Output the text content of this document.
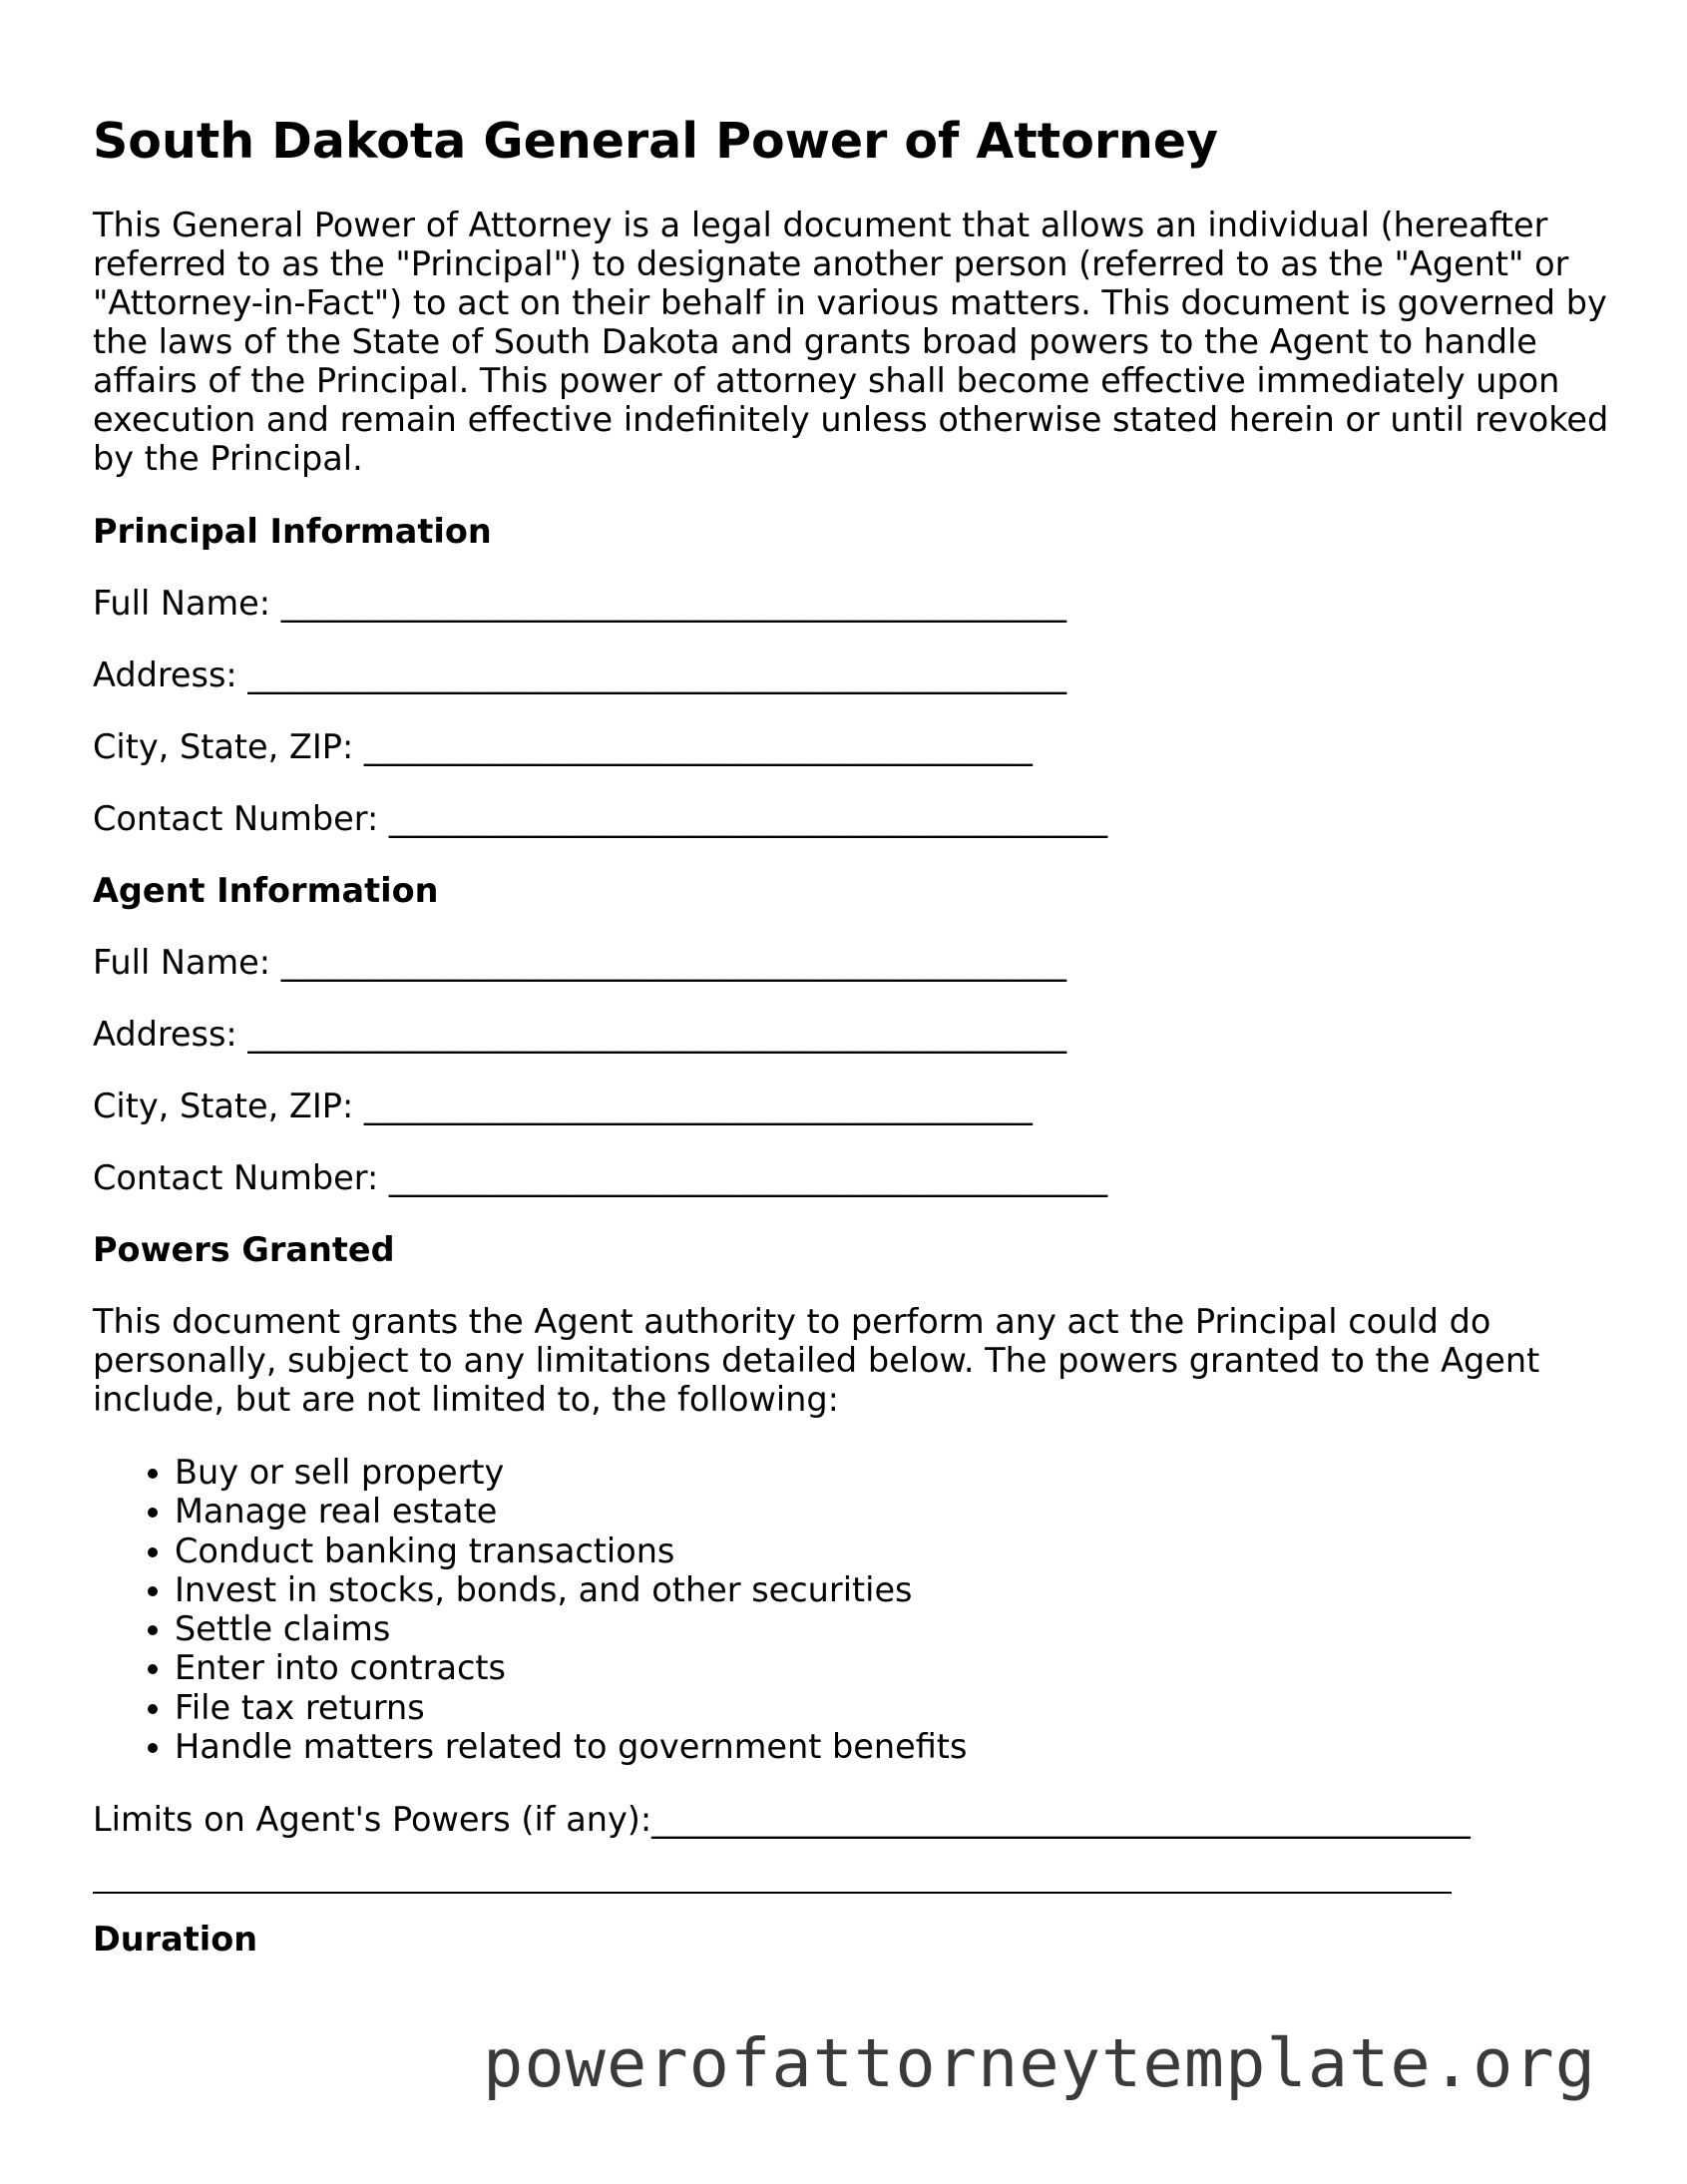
South Dakota General Power of Attorney

This General Power of Attorney is a legal document that allows an individual (hereafter referred to as the "Principal") to designate another person (referred to as the "Agent" or "Attorney-in-Fact") to act on their behalf in various matters. This document is governed by the laws of the State of South Dakota and grants broad powers to the Agent to handle affairs of the Principal. This power of attorney shall become effective immediately upon execution and remain effective indefinitely unless otherwise stated herein or until revoked by the Principal.

Principal Information

Full Name: _______________________________________________

Address: _________________________________________________

City, State, ZIP: ________________________________________

Contact Number: ___________________________________________

Agent Information

Full Name: _______________________________________________

Address: _________________________________________________

City, State, ZIP: ________________________________________

Contact Number: ___________________________________________

Powers Granted

This document grants the Agent authority to perform any act the Principal could do personally, subject to any limitations detailed below. The powers granted to the Agent include, but are not limited to, the following:

• Buy or sell property
• Manage real estate
• Conduct banking transactions
• Invest in stocks, bonds, and other securities
• Settle claims
• Enter into contracts
• File tax returns
• Handle matters related to government benefits

Limits on Agent's Powers (if any):_________________________________________________

Duration
powerofattorneytemplate.org
